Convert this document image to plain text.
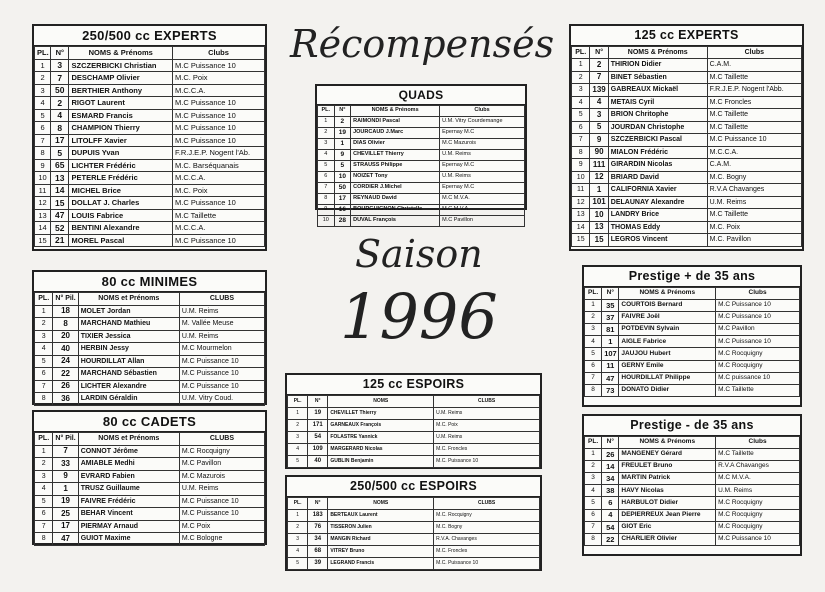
Récompensés
Saison
1996
250/500 cc EXPERTS
PL.	N°	NOMS & Prénoms	Clubs
1	3	SZCZERBICKI Christian	M.C Puissance 10
2	7	DESCHAMP Olivier	M.C. Poix
3	50	BERTHIER Anthony	M.C.C.A.
4	2	RIGOT Laurent	M.C Puissance 10
5	4	ESMARD Francis	M.C Puissance 10
6	8	CHAMPION Thierry	M.C Puissance 10
7	17	LITOLFF Xavier	M.C Puissance 10
8	5	DUPUIS Yvan	F.R.J.E.P. Nogent l'Ab.
9	65	LICHTER Frédéric	M.C. Barséquanais
10	13	PETERLE Frédéric	M.C.C.A.
11	14	MICHEL Brice	M.C. Poix
12	15	DOLLAT J. Charles	M.C Puissance 10
13	47	LOUIS Fabrice	M.C Taillette
14	52	BENTINI Alexandre	M.C.C.A.
15	21	MOREL Pascal	M.C Puissance 10
QUADS
PL.	N°	NOMS & Prénoms	Clubs
1	2	RAIMONDI Pascal	U.M. Vitry Courdemange
2	19	JOURCAUD J.Marc	Epernay M.C
3	1	DIAS Olivier	M.C Mazurois
4	9	CHEVILLET Thierry	U.M. Reims
5	5	STRAUSS Philippe	Epernay M.C
6	10	NOIZET Tony	U.M. Reims
7	50	CORDIER J.Michel	Epernay M.C
8	17	REYNAUD David	M.C M.V.A.
9	16	BOURGUIGNON Christelle	M.C M.V.A.
10	28	DUVAL François	M.C Pavillon
125 cc EXPERTS
PL.	N°	NOMS & Prénoms	Clubs
1	2	THIRION Didier	C.A.M.
2	7	BINET Sébastien	M.C Taillette
3	139	GABREAUX Mickaël	F.R.J.E.P. Nogent l'Abb.
4	4	METAIS Cyril	M.C Froncles
5	3	BRION Chritophe	M.C Taillette
6	5	JOURDAN Christophe	M.C Taillette
7	9	SZCZERBICKI Pascal	M.C Puissance 10
8	90	MIALON Frédéric	M.C.C.A.
9	111	GIRARDIN Nicolas	C.A.M.
10	12	BRIARD David	M.C. Bogny
11	1	CALIFORNIA Xavier	R.V.A Chavanges
12	101	DELAUNAY Alexandre	U.M. Reims
13	10	LANDRY Brice	M.C Taillette
14	13	THOMAS Eddy	M.C. Poix
15	15	LEGROS Vincent	M.C. Pavillon
80 cc MINIMES
PL.	N° Pil.	NOMS et Prénoms	CLUBS
1	18	MOLET Jordan	U.M. Reims
2	8	MARCHAND Mathieu	M. Vallée Meuse
3	20	TIXIER Jessica	U.M. Reims
4	40	HERBIN Jessy	M.C Mourmelon
5	24	HOURDILLAT Allan	M.C Puissance 10
6	22	MARCHAND Sébastien	M.C Puissance 10
7	26	LICHTER Alexandre	M.C Puissance 10
8	36	LARDIN Géraldin	U.M. Vitry Coud.
80 cc CADETS
PL.	N° Pil.	NOMS et Prénoms	CLUBS
1	7	CONNOT Jérôme	M.C Rocquigny
2	33	AMIABLE Medhi	M.C Pavillon
3	9	EVRARD Fabien	M.C Mazurois
4	1	TRUSZ Guillaume	U.M. Reims
5	19	FAIVRE Frédéric	M.C Puissance 10
6	25	BEHAR Vincent	M.C Puissance 10
7	17	PIERMAY Arnaud	M.C Poix
8	47	GUIOT Maxime	M.C Bologne
125 cc ESPOIRS
PL.	N°	NOMS	CLUBS
1	19	CHEVILLET Thierry	U.M. Reims
2	171	GARNEAUX François	M.C. Poix
3	54	FOLASTRE Yannick	U.M. Reims
4	109	MARGERARD Nicolas	M.C. Froncles
5	40	GUBLIN Benjamin	M.C. Puissance 10
250/500 cc ESPOIRS
PL.	N°	NOMS	CLUBS
1	183	BERTEAUX Laurent	M.C. Rocquigny
2	76	TISSERON Julien	M.C. Bogny
3	34	MANGIN Richard	R.V.A. Chavanges
4	68	VITREY Bruno	M.C. Froncles
5	39	LEGRAND Francis	M.C. Puissance 10
Prestige + de 35 ans
PL.	N°	NOMS & Prénoms	Clubs
1	35	COURTOIS Bernard	M.C Puissance 10
2	37	FAIVRE Joël	M.C Puissance 10
3	81	POTDEVIN Sylvain	M.C Pavillon
4	1	AIGLE Fabrice	M.C Puissance 10
5	107	JAUJOU Hubert	M.C Rocquigny
6	11	GERNY Emile	M.C Rocquigny
7	47	HOURDILLAT Philippe	M.C puissance 10
8	73	DONATO Didier	M.C Taillette
Prestige - de 35 ans
PL.	N°	NOMS & Prénoms	Clubs
1	26	MANGENEY Gérard	M.C Taillette
2	14	FREULET Bruno	R.V.A Chavanges
3	34	MARTIN Patrick	M.C M.V.A.
4	38	HAVY Nicolas	U.M. Reims
5	6	HARBULOT Didier	M.C Rocquigny
6	4	DEPIERREUX Jean Pierre	M.C Rocquigny
7	54	GIOT Eric	M.C Rocquigny
8	22	CHARLIER Olivier	M.C Puissance 10
